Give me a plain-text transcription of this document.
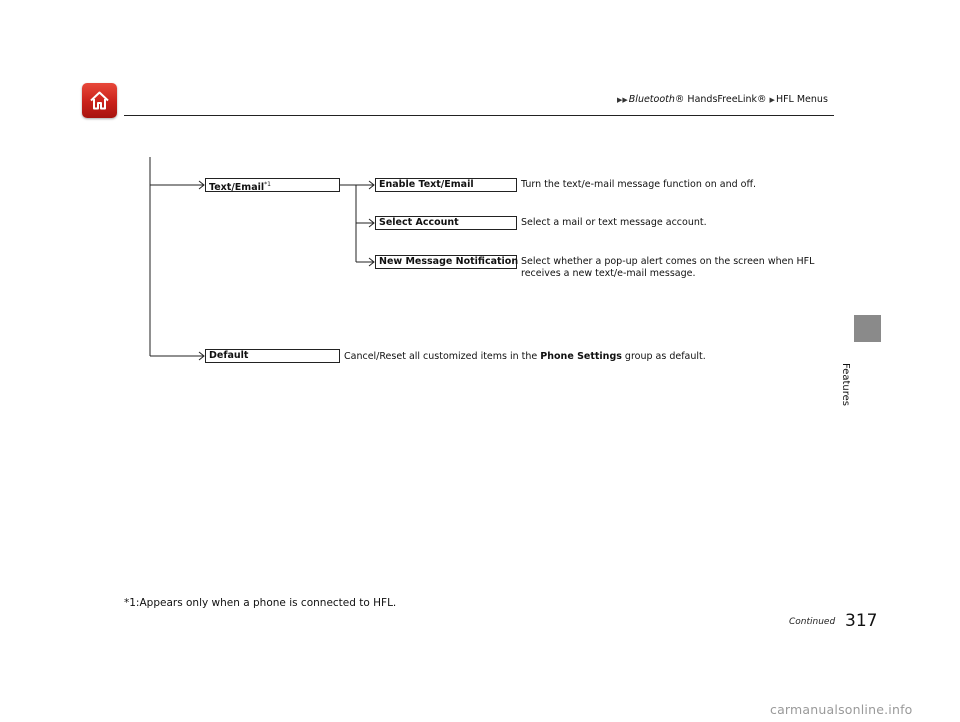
▶▶Bluetooth® HandsFreeLink® ▶HFL Menus
Features
Text/Email$^{*1}$	Enable Text/Email	Turn the text/e-mail message function on and off.
Select Account	Select a mail or text message account.
New Message Notification Select whether a pop-up alert comes on the screen when HFL
receives a new text/e-mail message.
Default	Cancel/Reset all customized items in the Phone Settings group as default.
*1:Appears only when a phone is connected to HFL.
Continued 317
carmanualsonline.info
